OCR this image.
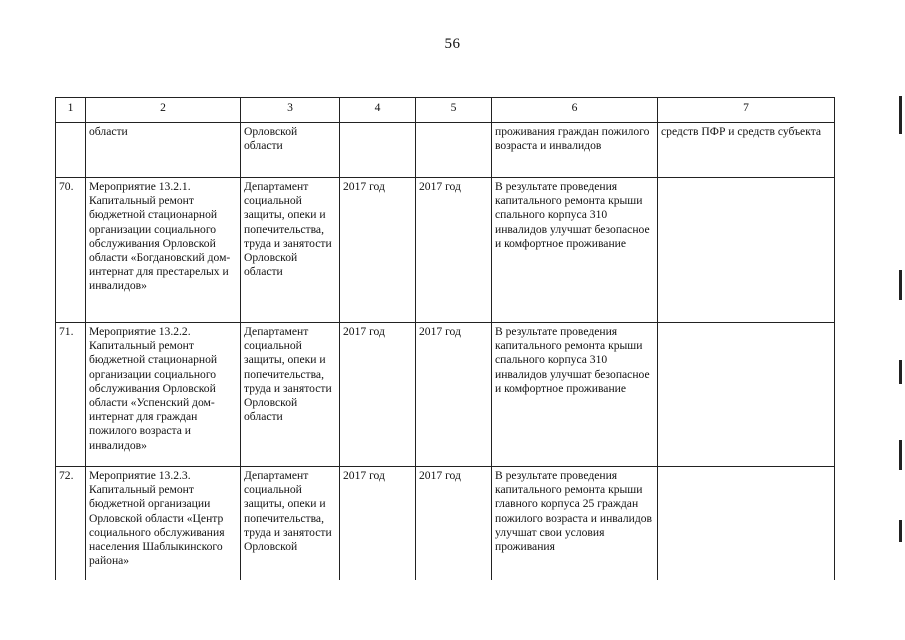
56
1	2	3	4	5	6	7
	области	Орловской области			проживания граждан пожилого возраста и инвалидов	средств ПФР и средств субъекта
70.	Мероприятие 13.2.1. Капитальный ремонт бюджетной стационарной организации социального обслуживания Орловской области «Богдановский дом-интернат для престарелых и инвалидов»	Департамент социальной защиты, опеки и попечительства, труда и занятости Орловской области	2017 год	2017 год	В результате проведения капитального ремонта крыши спального корпуса 310 инвалидов улучшат безопасное и комфортное проживание	
71.	Мероприятие 13.2.2. Капитальный ремонт бюджетной стационарной организации социального обслуживания Орловской области «Успенский дом-интернат для граждан пожилого возраста и инвалидов»	Департамент социальной защиты, опеки и попечительства, труда и занятости Орловской области	2017 год	2017 год	В результате проведения капитального ремонта крыши спального корпуса 310 инвалидов улучшат безопасное и комфортное проживание	
72.	Мероприятие 13.2.3. Капитальный ремонт бюджетной организации Орловской области «Центр социального обслуживания населения Шаблыкинского района»	Департамент социальной защиты, опеки и попечительства, труда и занятости Орловской	2017 год	2017 год	В результате проведения капитального ремонта крыши главного корпуса 25 граждан пожилого возраста и инвалидов улучшат свои условия проживания	
